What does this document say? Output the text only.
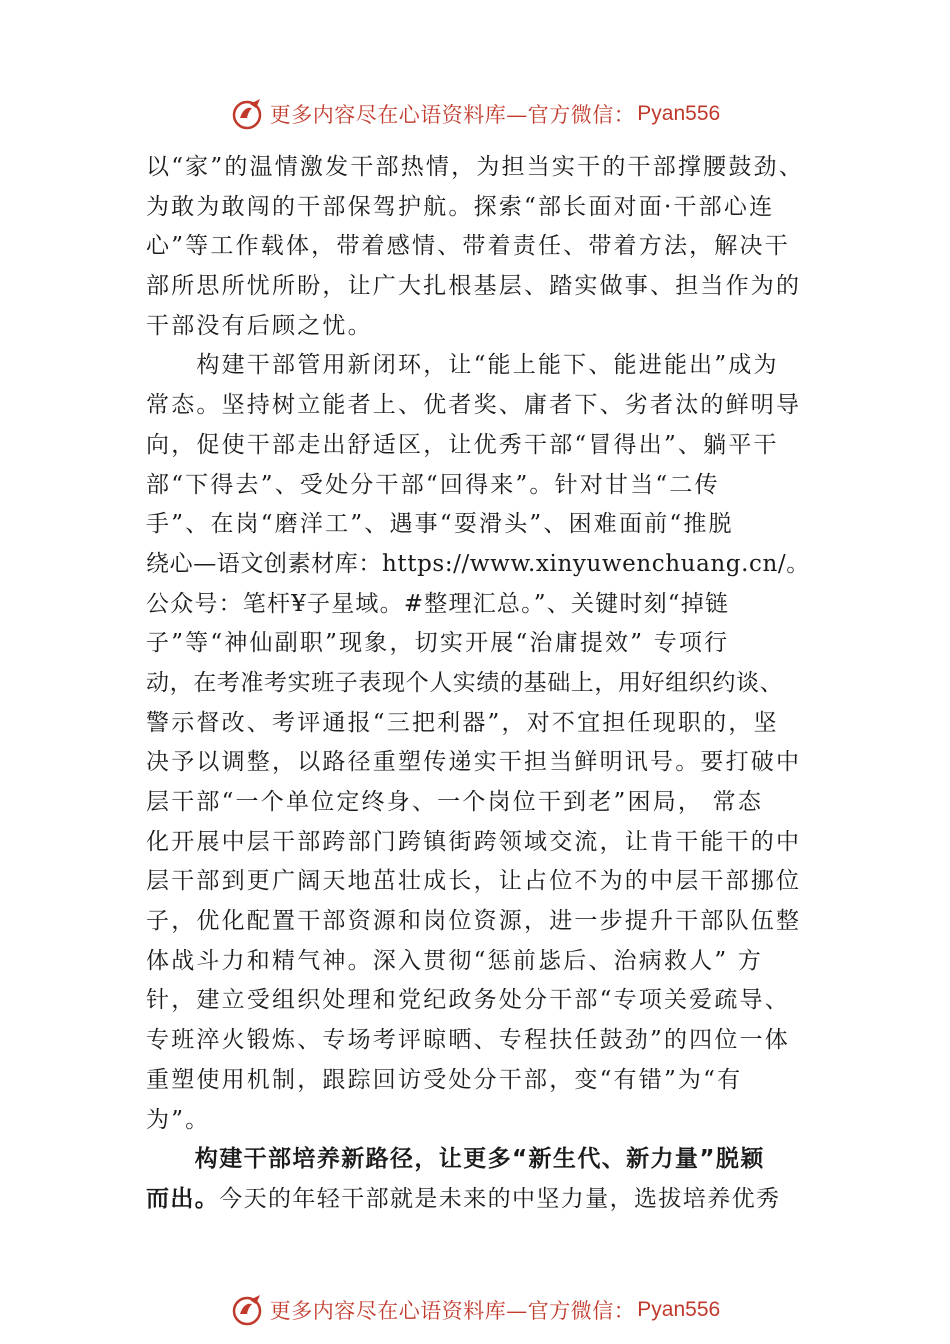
更多内容尽在心语资料库—官方微信： Pyan556
以“家”的温情激发干部热情，为担当实干的干部撑腰鼓劲、
为敢为敢闯的干部保驾护航。探索“部长面对面·干部心连
心”等工作载体，带着感情、带着责任、带着方法，解决干
部所思所忧所盼，让广大扎根基层、踏实做事、担当作为的
干部没有后顾之忧。
　　构建干部管用新闭环，让“能上能下、能进能出”成为
常态。坚持树立能者上、优者奖、庸者下、劣者汰的鲜明导
向，促使干部走出舒适区，让优秀干部“冒得出”、躺平干
部“下得去”、受处分干部“回得来”。针对甘当“二传
手”、在岗“磨洋工”、遇事“耍滑头”、困难面前“推脱
绕心—语文创素材库：https://www.xinyuwenchuang.cn/。
公众号：笔杆¥子星域。#整理汇总。”、关键时刻“掉链
子”等“神仙副职”现象，切实开展“治庸提效” 专项行
动，在考准考实班子表现个人实绩的基础上，用好组织约谈、
警示督改、考评通报“三把利器”，对不宜担任现职的，坚
决予以调整，以路径重塑传递实干担当鲜明讯号。要打破中
层干部“一个单位定终身、一个岗位干到老”困局， 常态
化开展中层干部跨部门跨镇街跨领域交流，让肯干能干的中
层干部到更广阔天地茁壮成长，让占位不为的中层干部挪位
子，优化配置干部资源和岗位资源，进一步提升干部队伍整
体战斗力和精气神。深入贯彻“惩前毖后、治病救人” 方
针，建立受组织处理和党纪政务处分干部“专项关爱疏导、
专班淬火锻炼、专场考评晾晒、专程扶任鼓劲”的四位一体
重塑使用机制，跟踪回访受处分干部，变“有错”为“有
为”。
　　构建干部培养新路径，让更多“新生代、新力量”脱颖
而出。今天的年轻干部就是未来的中坚力量，选拔培养优秀
更多内容尽在心语资料库—官方微信： Pyan556
